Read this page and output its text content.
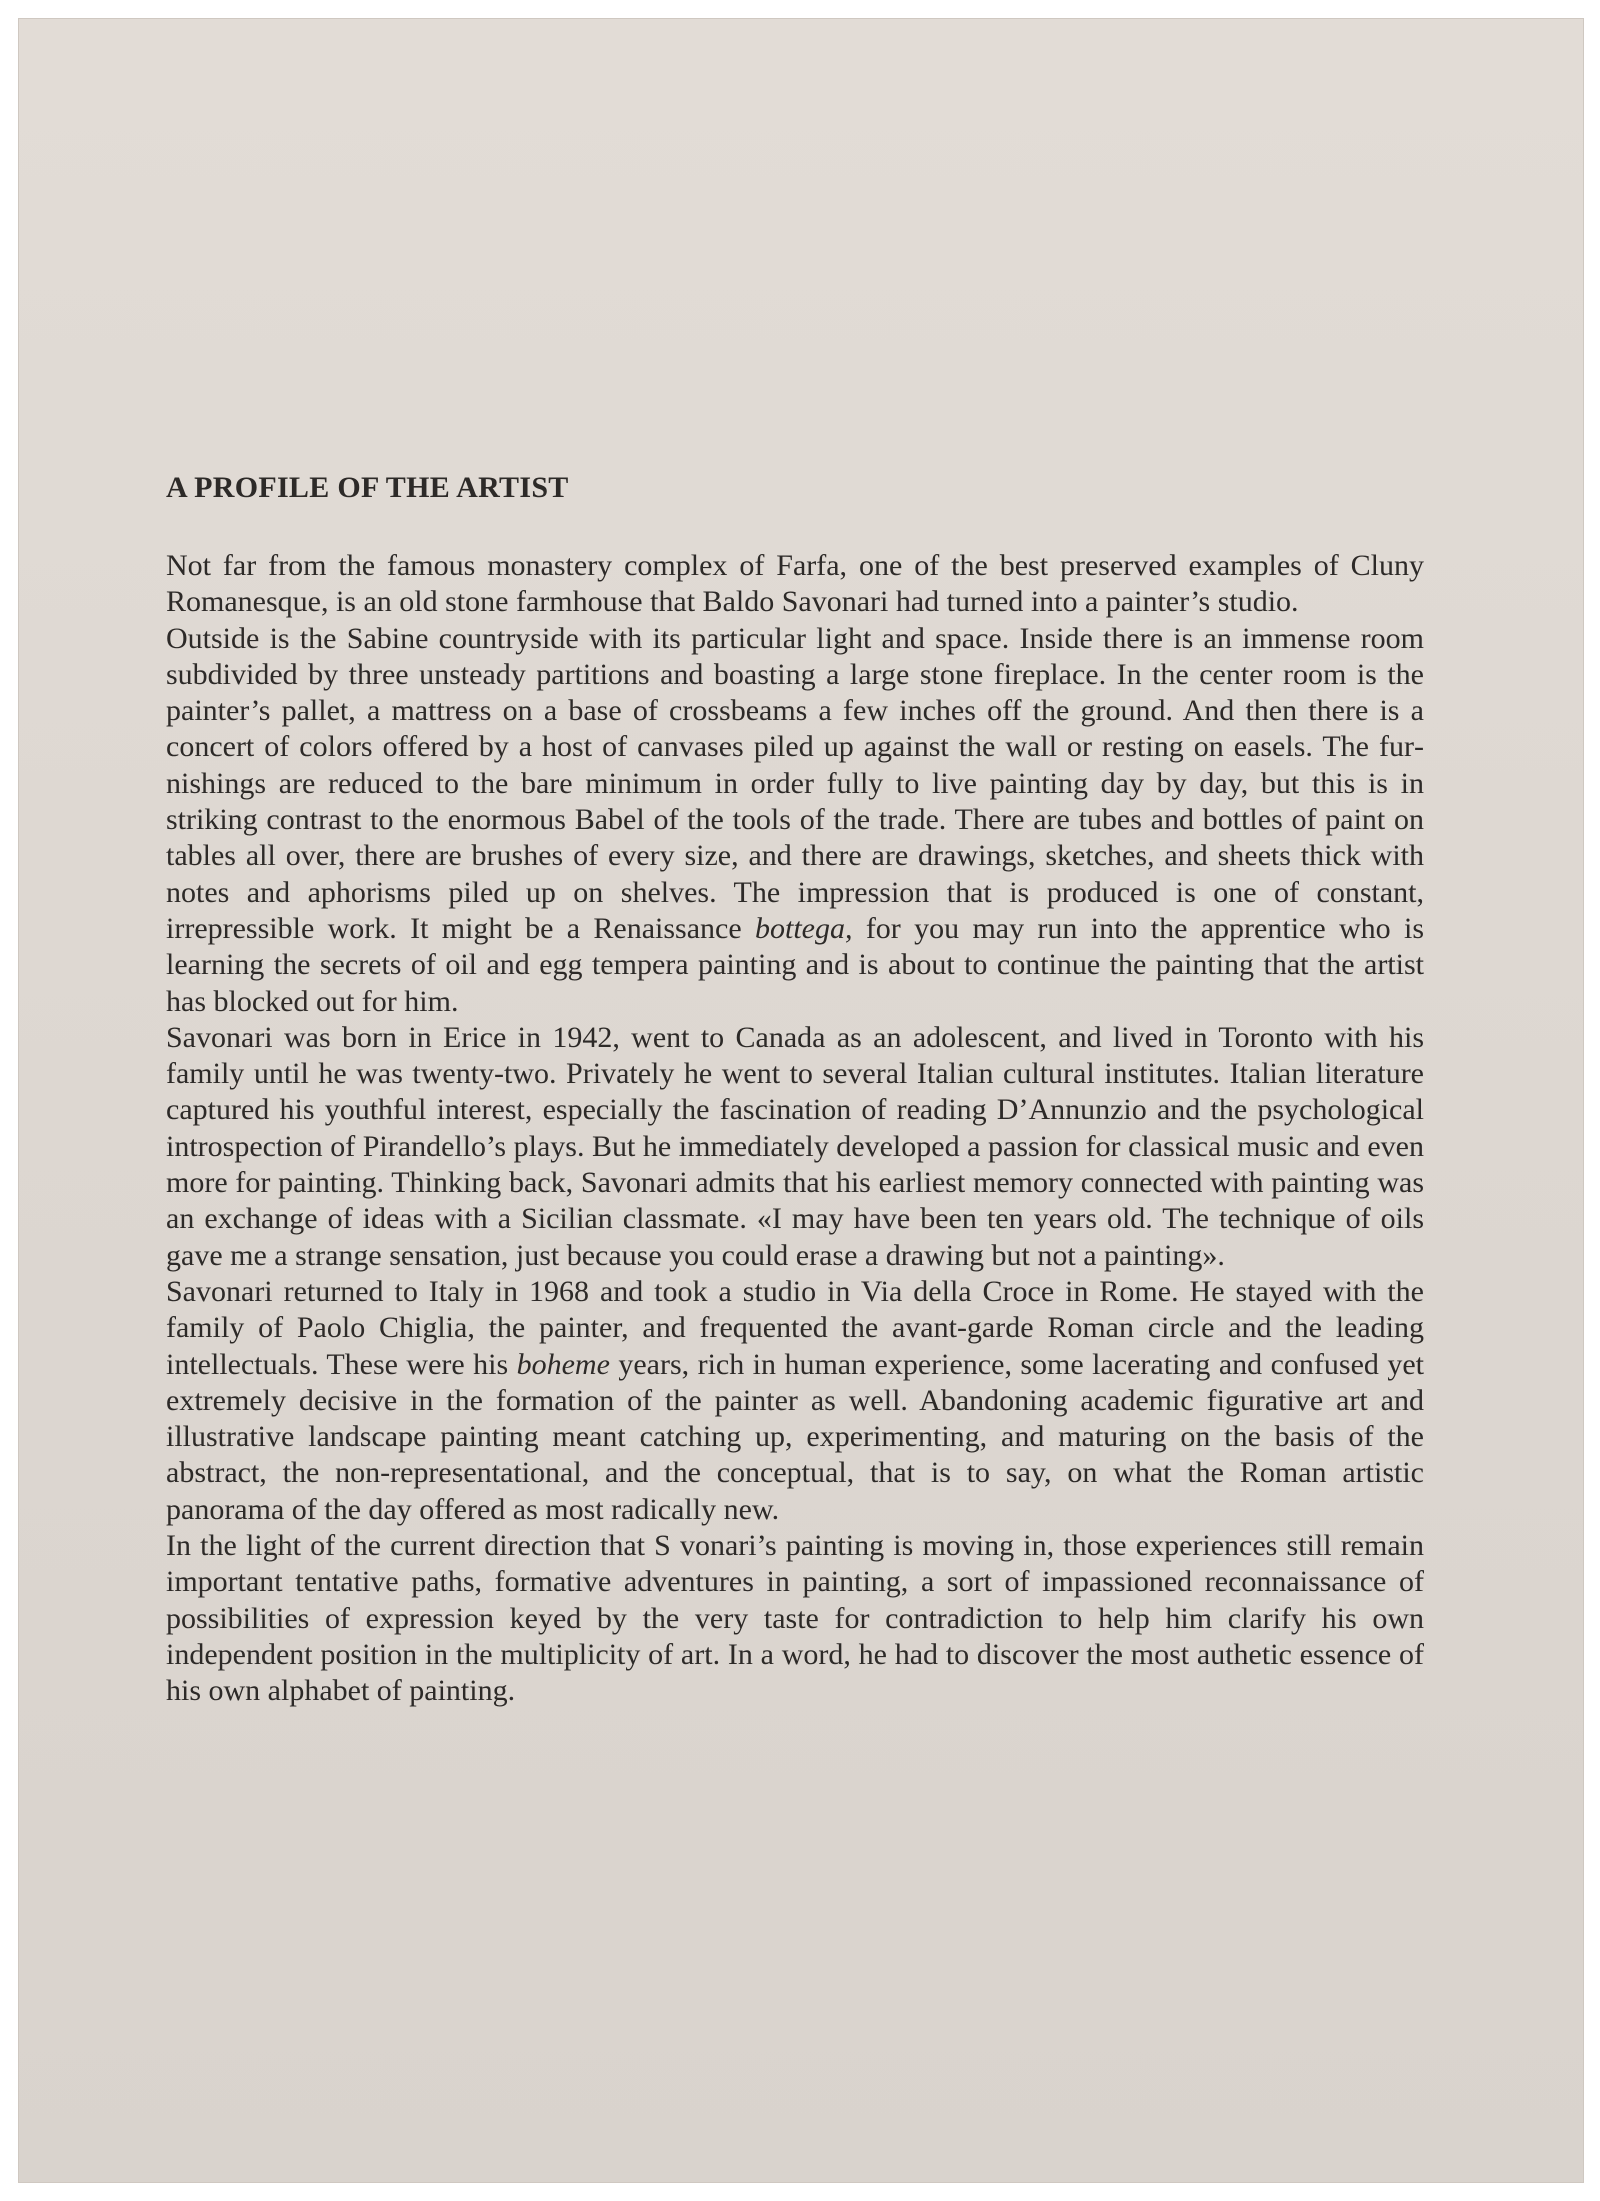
A PROFILE OF THE ARTIST

Not far from the famous monastery complex of Farfa, one of the best preserved examples of Cluny Romanesque, is an old stone farmhouse that Baldo Savonari had turned into a painter’s studio.

Outside is the Sabine countryside with its particular light and space. Inside there is an immense room subdivided by three unsteady partitions and boasting a large stone fireplace. In the center room is the painter’s pallet, a mattress on a base of crossbeams a few inches off the ground. And then there is a concert of colors offered by a host of canvases piled up against the wall or resting on easels. The furnishings are reduced to the bare minimum in order fully to live painting day by day, but this is in striking contrast to the enormous Babel of the tools of the trade. There are tubes and bottles of paint on tables all over, there are brushes of every size, and there are drawings, sketches, and sheets thick with notes and aphorisms piled up on shelves. The impression that is produced is one of constant, irrepressible work. It might be a Renaissance bottega, for you may run into the apprentice who is learning the secrets of oil and egg tempera painting and is about to continue the painting that the artist has blocked out for him.

Savonari was born in Erice in 1942, went to Canada as an adolescent, and lived in Toronto with his family until he was twenty-two. Privately he went to several Italian cultural institutes. Italian literature captured his youthful interest, especially the fascination of reading D’Annunzio and the psychological introspection of Pirandello’s plays. But he immediately developed a passion for classical music and even more for painting. Thinking back, Savonari admits that his earliest memory connected with painting was an exchange of ideas with a Sicilian classmate. «I may have been ten years old. The technique of oils gave me a strange sensation, just because you could erase a drawing but not a painting».

Savonari returned to Italy in 1968 and took a studio in Via della Croce in Rome. He stayed with the family of Paolo Chiglia, the painter, and frequented the avant-garde Roman circle and the leading intellectuals. These were his boheme years, rich in human experience, some lacerating and confused yet extremely decisive in the formation of the painter as well. Abandoning academic figurative art and illustrative landscape painting meant catching up, experimenting, and maturing on the basis of the abstract, the non-representational, and the conceptual, that is to say, on what the Roman artistic panorama of the day offered as most radically new.

In the light of the current direction that S vonari’s painting is moving in, those experiences still remain important tentative paths, formative adventures in painting, a sort of impassioned reconnaissance of possibilities of expression keyed by the very taste for contradiction to help him clarify his own independent position in the multiplicity of art. In a word, he had to discover the most authetic essence of his own alphabet of painting.
